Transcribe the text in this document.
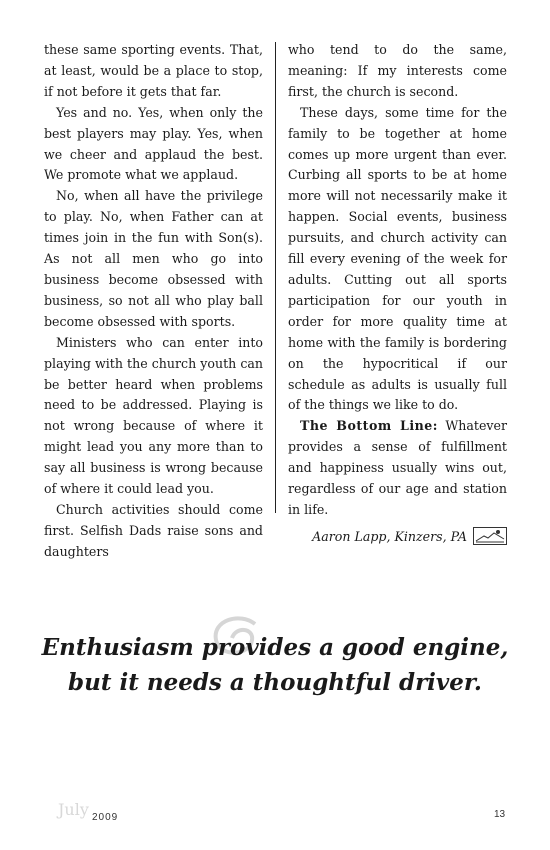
these same sporting events. That, at least, would be a place to stop, if not before it gets that far.

Yes and no. Yes, when only the best players may play. Yes, when we cheer and applaud the best. We promote what we applaud.

No, when all have the privilege to play. No, when Father can at times join in the fun with Son(s). As not all men who go into business become obsessed with business, so not all who play ball become obsessed with sports.

Ministers who can enter into playing with the church youth can be better heard when problems need to be addressed. Playing is not wrong because of where it might lead you any more than to say all business is wrong because of where it could lead you.

Church activities should come first. Selfish Dads raise sons and daughters

who tend to do the same, meaning: If my interests come first, the church is second.

These days, some time for the family to be together at home comes up more urgent than ever. Curbing all sports to be at home more will not necessarily make it happen. Social events, business pursuits, and church activity can fill every evening of the week for adults. Cutting out all sports participation for our youth in order for more quality time at home with the family is bordering on the hypocritical if our schedule as adults is usually full of the things we like to do.

The Bottom Line: Whatever provides a sense of fulfillment and happiness usually wins out, regardless of our age and station in life.

Aaron Lapp, Kinzers, PA
Enthusiasm provides a good engine,
but it needs a thoughtful driver.
July 2009	13
